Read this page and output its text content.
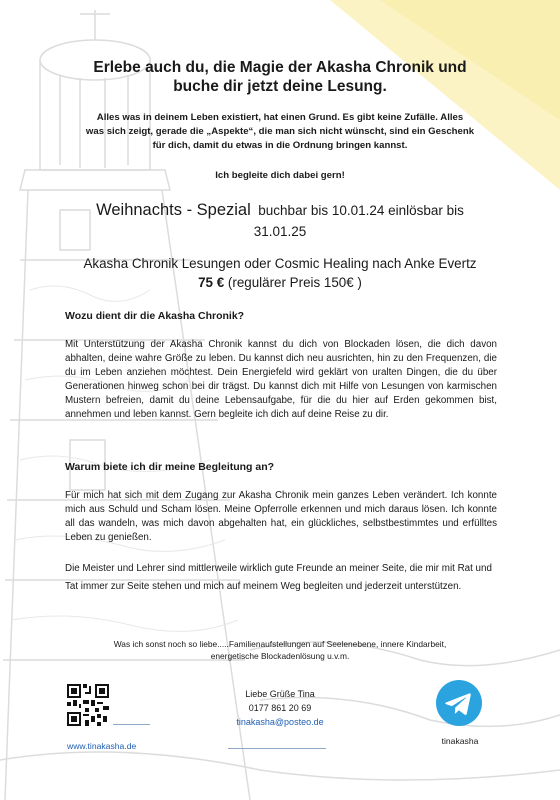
Erlebe auch du, die Magie der Akasha Chronik und
buche dir jetzt deine Lesung.
Alles was in deinem Leben existiert, hat einen Grund. Es gibt keine Zufälle. Alles
was sich zeigt, gerade die „Aspekte“, die man sich nicht wünscht, sind ein Geschenk
für dich, damit du etwas in die Ordnung bringen kannst.
Ich begleite dich dabei gern!
Weihnachts - Spezial buchbar bis 10.01.24 einlösbar bis
31.01.25
Akasha Chronik Lesungen oder Cosmic Healing nach Anke Evertz
75 € (regulärer Preis 150€ )
Wozu dient dir die Akasha Chronik?
Mit Unterstützung der Akasha Chronik kannst du dich von Blockaden lösen, die dich davon abhalten, deine wahre Größe zu leben. Du kannst dich neu ausrichten, hin zu den Frequenzen, die du im Leben anziehen möchtest. Dein Energiefeld wird geklärt von uralten Dingen, die du über Generationen hinweg schon bei dir trägst. Du kannst dich mit Hilfe von Lesungen von karmischen Mustern befreien, damit du deine Lebensaufgabe, für die du hier auf Erden gekommen bist, annehmen und leben kannst. Gern begleite ich dich auf deine Reise zu dir.
Warum biete ich dir meine Begleitung an?
Für mich hat sich mit dem Zugang zur Akasha Chronik mein ganzes Leben verändert. Ich konnte mich aus Schuld und Scham lösen. Meine Opferrolle erkennen und mich daraus lösen. Ich konnte all das wandeln, was mich davon abgehalten hat, ein glückliches, selbstbestimmtes und erfülltes Leben zu genießen.
Die Meister und Lehrer sind mittlerweile wirklich gute Freunde an meiner Seite, die mir mit Rat und Tat immer zur Seite stehen und mich auf meinem Weg begleiten und jederzeit unterstützen.
Was ich sonst noch so liebe.....Familienaufstellungen auf Seelenebene, innere Kindarbeit,
energetische Blockadenlösung u.v.m.
www.tinakasha.de
Liebe Grüße Tina
0177 861 20 69
tinakasha@posteo.de
tinakasha
